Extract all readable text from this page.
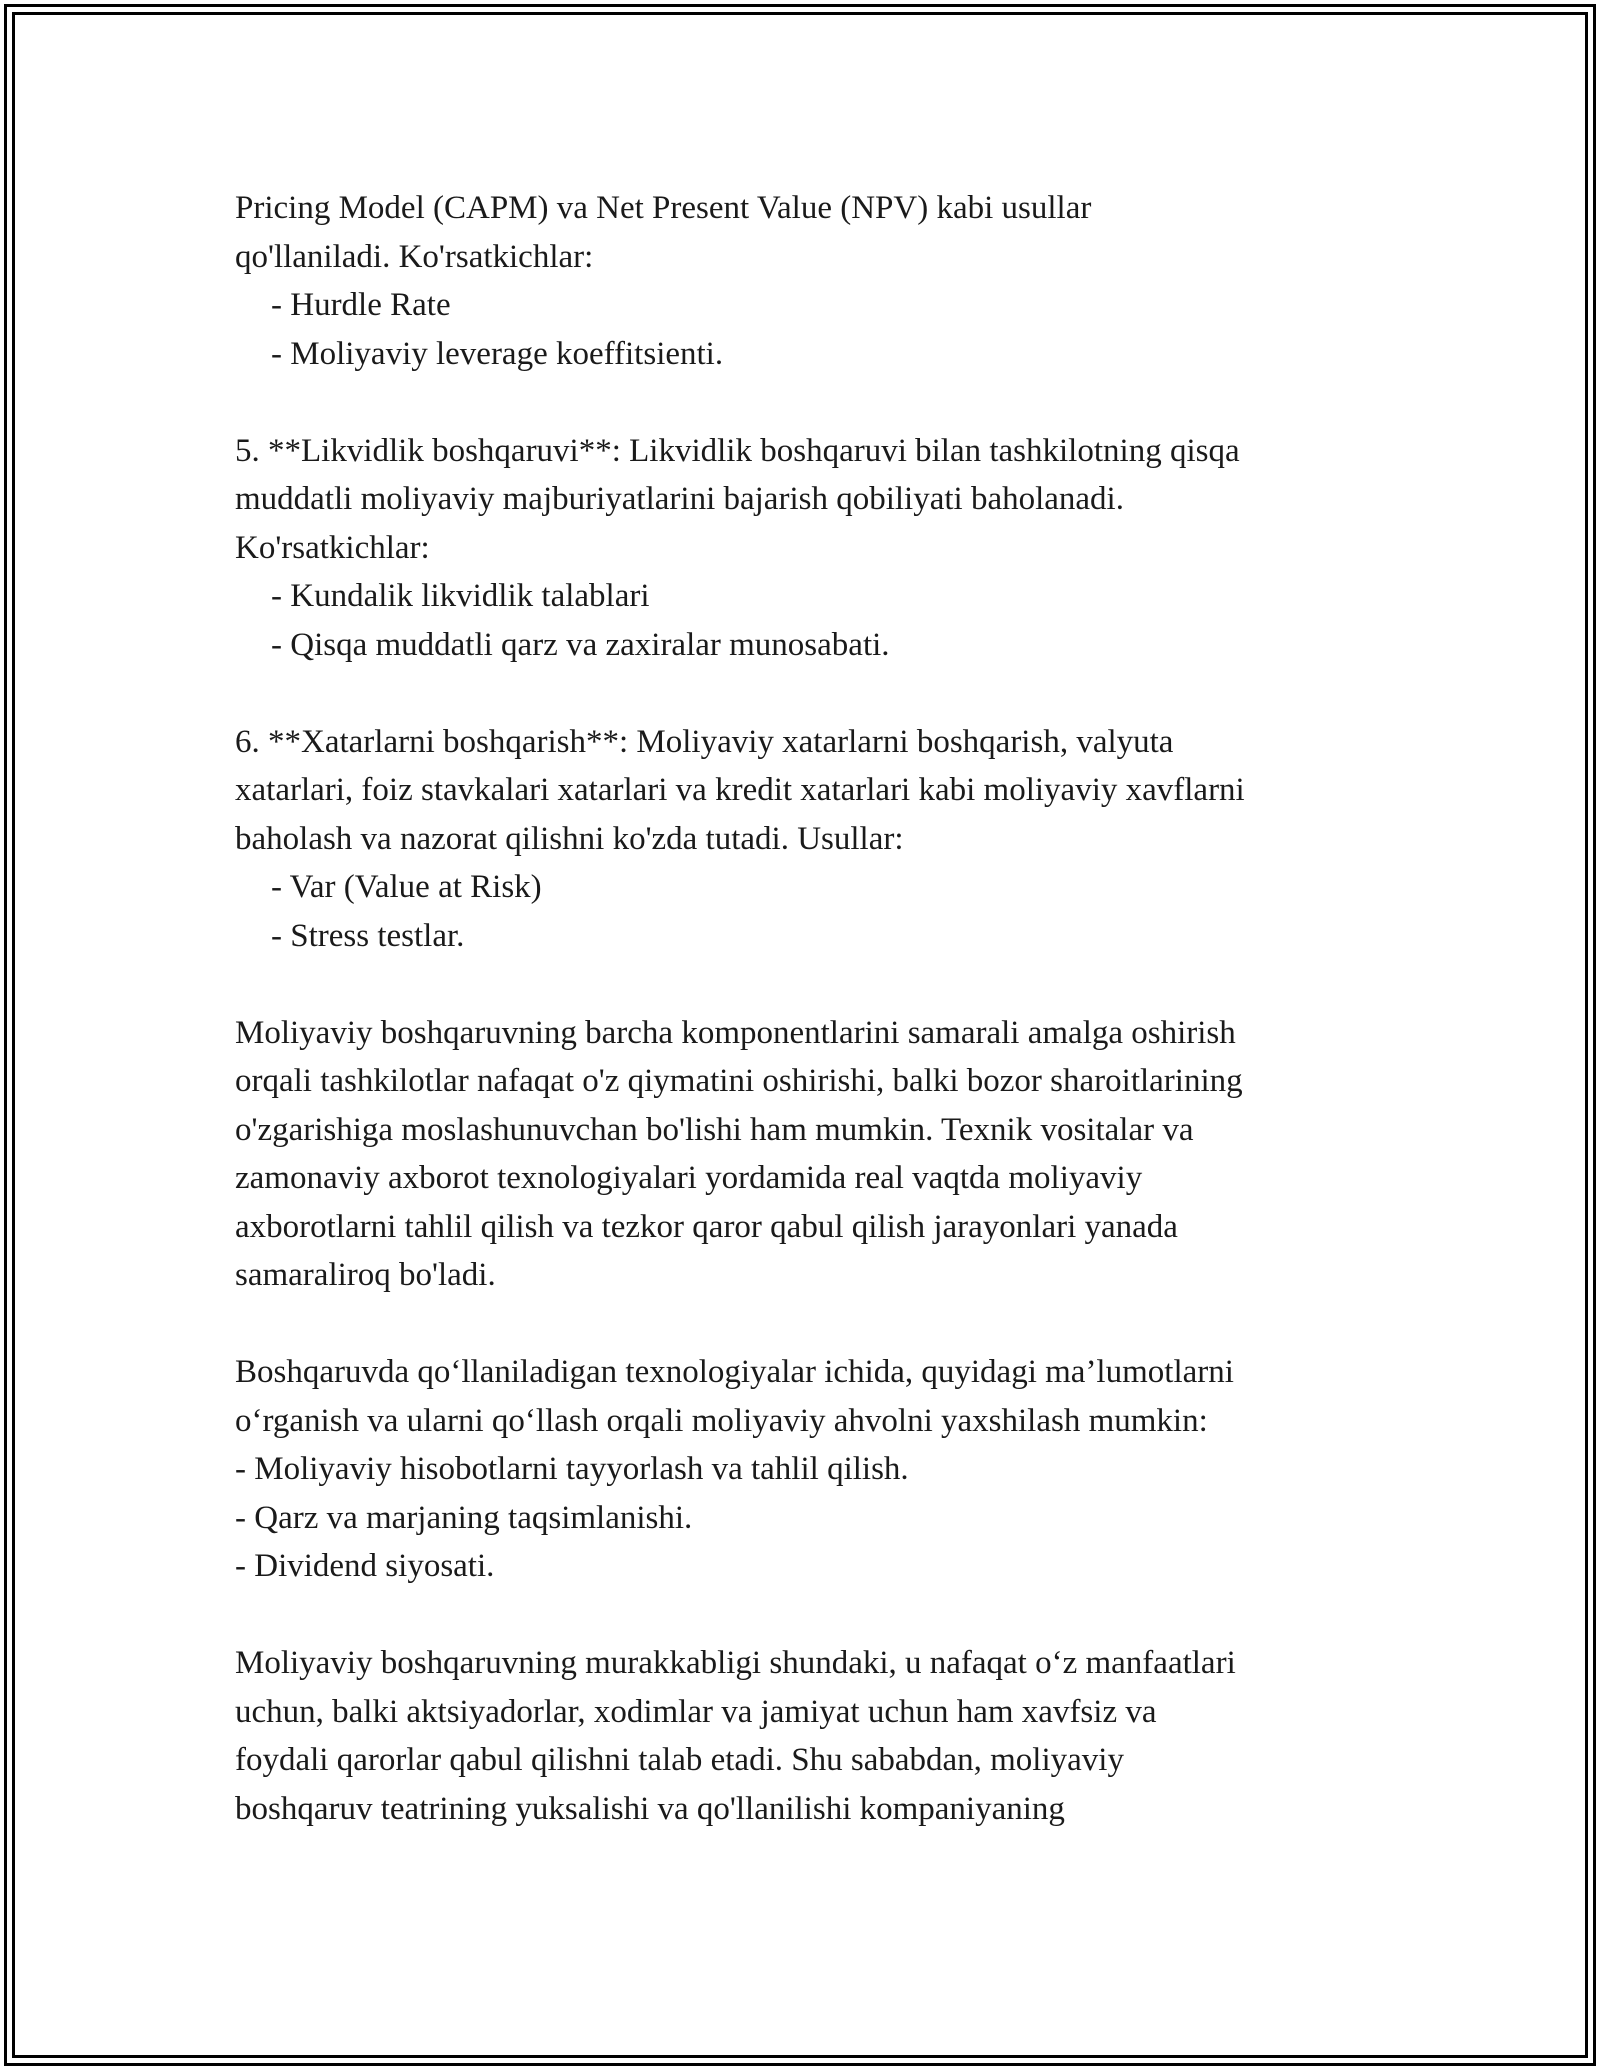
Pricing Model (CAPM) va Net Present Value (NPV) kabi usullar
qo'llaniladi. Ko'rsatkichlar:
- Hurdle Rate
- Moliyaviy leverage koeffitsienti.
5. **Likvidlik boshqaruvi**: Likvidlik boshqaruvi bilan tashkilotning qisqa
muddatli moliyaviy majburiyatlarini bajarish qobiliyati baholanadi.
Ko'rsatkichlar:
- Kundalik likvidlik talablari
- Qisqa muddatli qarz va zaxiralar munosabati.
6. **Xatarlarni boshqarish**: Moliyaviy xatarlarni boshqarish, valyuta
xatarlari, foiz stavkalari xatarlari va kredit xatarlari kabi moliyaviy xavflarni
baholash va nazorat qilishni ko'zda tutadi. Usullar:
- Var (Value at Risk)
- Stress testlar.
Moliyaviy boshqaruvning barcha komponentlarini samarali amalga oshirish
orqali tashkilotlar nafaqat o'z qiymatini oshirishi, balki bozor sharoitlarining
o'zgarishiga moslashunuvchan bo'lishi ham mumkin. Texnik vositalar va
zamonaviy axborot texnologiyalari yordamida real vaqtda moliyaviy
axborotlarni tahlil qilish va tezkor qaror qabul qilish jarayonlari yanada
samaraliroq bo'ladi.
Boshqaruvda qo‘llaniladigan texnologiyalar ichida, quyidagi ma’lumotlarni
o‘rganish va ularni qo‘llash orqali moliyaviy ahvolni yaxshilash mumkin:
- Moliyaviy hisobotlarni tayyorlash va tahlil qilish.
- Qarz va marjaning taqsimlanishi.
- Dividend siyosati.
Moliyaviy boshqaruvning murakkabligi shundaki, u nafaqat o‘z manfaatlari
uchun, balki aktsiyadorlar, xodimlar va jamiyat uchun ham xavfsiz va
foydali qarorlar qabul qilishni talab etadi. Shu sababdan, moliyaviy
boshqaruv teatrining yuksalishi va qo'llanilishi kompaniyaning
